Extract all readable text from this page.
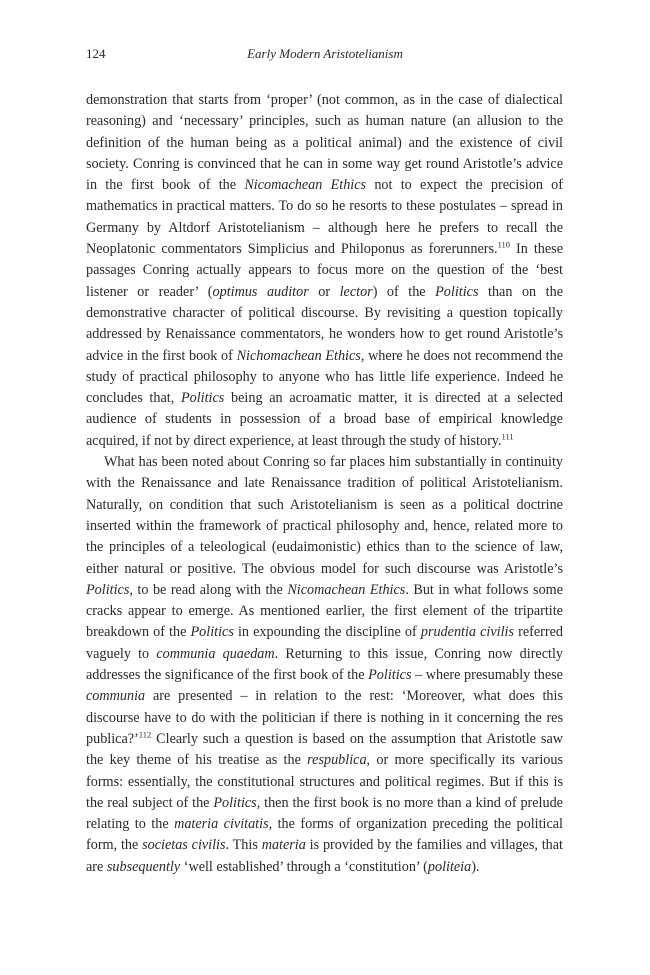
124	Early Modern Aristotelianism

demonstration that starts from ‘proper’ (not common, as in the case of dialectical reasoning) and ‘necessary’ principles, such as human nature (an allusion to the definition of the human being as a political animal) and the existence of civil society. Conring is convinced that he can in some way get round Aristotle’s advice in the first book of the Nicomachean Ethics not to expect the precision of mathematics in practical matters. To do so he resorts to these postulates – spread in Germany by Altdorf Aristotelianism – although here he prefers to recall the Neoplatonic commentators Simplicius and Philoponus as forerunners.$^{110}$ In these passages Conring actually appears to focus more on the question of the ‘best listener or reader’ (optimus auditor or lector) of the Politics than on the demonstrative character of political discourse. By revisiting a question topically addressed by Renaissance commentators, he wonders how to get round Aristotle’s advice in the first book of Nichomachean Ethics, where he does not recommend the study of practical philosophy to anyone who has little life experience. Indeed he concludes that, Politics being an acroamatic matter, it is directed at a selected audience of students in possession of a broad base of empirical knowledge acquired, if not by direct experience, at least through the study of history.$^{111}$

What has been noted about Conring so far places him substantially in continuity with the Renaissance and late Renaissance tradition of political Aristotelianism. Naturally, on condition that such Aristotelianism is seen as a political doctrine inserted within the framework of practical philosophy and, hence, related more to the principles of a teleological (eudaimonistic) ethics than to the science of law, either natural or positive. The obvious model for such discourse was Aristotle’s Politics, to be read along with the Nicomachean Ethics. But in what follows some cracks appear to emerge. As mentioned earlier, the first element of the tripartite breakdown of the Politics in expounding the discipline of prudentia civilis referred vaguely to communia quaedam. Returning to this issue, Conring now directly addresses the significance of the first book of the Politics – where presumably these communia are presented – in relation to the rest: ‘Moreover, what does this discourse have to do with the politician if there is nothing in it concerning the res publica?’$^{112}$ Clearly such a question is based on the assumption that Aristotle saw the key theme of his treatise as the respublica, or more specifically its various forms: essentially, the constitutional structures and political regimes. But if this is the real subject of the Politics, then the first book is no more than a kind of prelude relating to the materia civitatis, the forms of organization preceding the political form, the societas civilis. This materia is provided by the families and villages, that are subsequently ‘well established’ through a ‘constitution’ (politeia).
